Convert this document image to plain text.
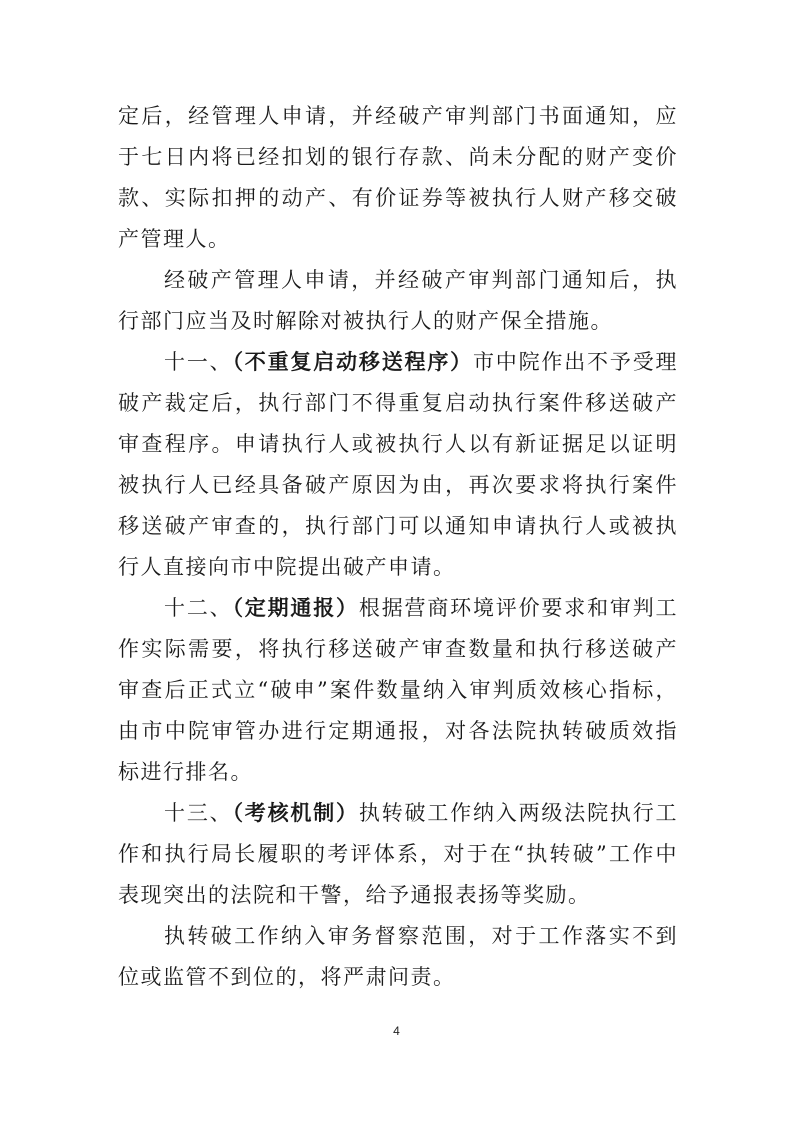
定后，经管理人申请，并经破产审判部门书面通知，应于七日内将已经扣划的银行存款、尚未分配的财产变价款、实际扣押的动产、有价证券等被执行人财产移交破产管理人。

经破产管理人申请，并经破产审判部门通知后，执行部门应当及时解除对被执行人的财产保全措施。

十一、（不重复启动移送程序）市中院作出不予受理破产裁定后，执行部门不得重复启动执行案件移送破产审查程序。申请执行人或被执行人以有新证据足以证明被执行人已经具备破产原因为由，再次要求将执行案件移送破产审查的，执行部门可以通知申请执行人或被执行人直接向市中院提出破产申请。

十二、（定期通报）根据营商环境评价要求和审判工作实际需要，将执行移送破产审查数量和执行移送破产审查后正式立“破申”案件数量纳入审判质效核心指标，由市中院审管办进行定期通报，对各法院执转破质效指标进行排名。

十三、（考核机制）执转破工作纳入两级法院执行工作和执行局长履职的考评体系，对于在“执转破”工作中表现突出的法院和干警，给予通报表扬等奖励。

执转破工作纳入审务督察范围，对于工作落实不到位或监管不到位的，将严肃问责。

4
